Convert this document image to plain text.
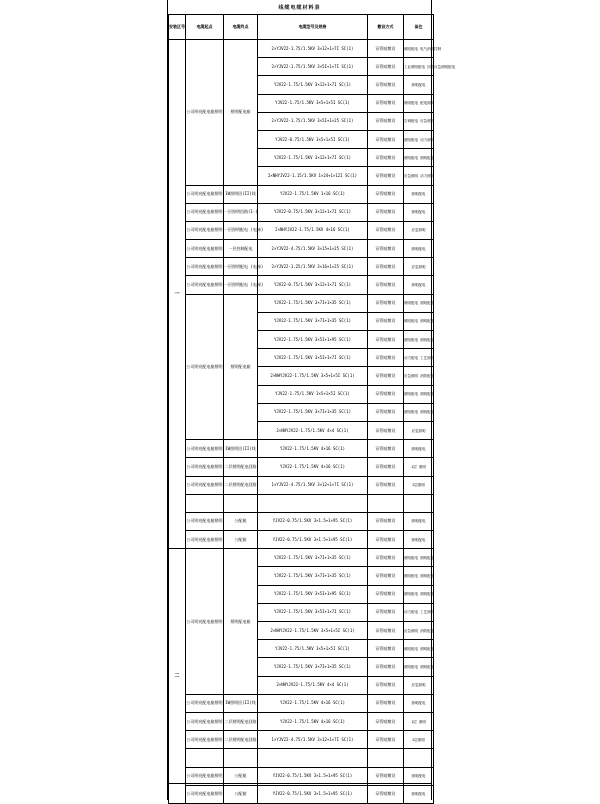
线缆电缆材料表
安装区号	电缆起点	电缆终点	电缆型号及规格	敷设方式	备注
一	公司明亮配电箱照明	照明配电箱	2×YJV22-1.75/1.5KV 3×12+1×7I SC(1)	穿管暗敷设	照明配电 电气消防控制
			2×YJV22-1.75/1.5KV 3×5I+1×7I SC(1)	穿管暗敷设	工业照明配电 回路应急照明配电
			YJV22-1.75/1.5KV 3×12+1×7I SC(1)	穿管暗敷设	照明配电
			YJV22-1.75/1.5KV 3×5+1×5I SC(1)	穿管暗敷设	照明配电 配电照明
			2×YJV22-1.75/1.5KV 3×5I+1×25 SC(1)	穿管暗敷设	空调配电 应急照明
			YJV22-0.75/1.5KV 3×5+1×5I SC(1)	穿管暗敷设	照明配电 动力照明
			YJV22-1.75/1.5KV 3×12+1×7I SC(1)	穿管暗敷设	照明配电 照明配电
			2×NHYJV22-1.15/1.5KV 1×24+1×12I SC(1)	穿管暗敷设	应急照明 动力照明
	公司明亮配电箱照明	1W照明回(II)线	YJV22-1.75/1.5KV 1×16 SC(1)	穿管暗敷设	照明配电
	公司明亮配电箱照明	一层照明回路(1-)	YJV22-0.75/1.5KV 3×12+1×7I SC(1)	穿管暗敷设	照明配电
	公司明亮配电箱照明	一层照明配电 (电梯)	2×NHYJV22-1.75/1.5KV 4×16 SC(1)	穿管暗敷设	应急照明
	公司明亮配电箱照明	一层控制配电	2×YJV22-4.75/1.5KV 3×15+1×25 SC(1)	穿管暗敷设	照明配电
	公司明亮配电箱照明	一层照明配电 (电梯)	2×YJV22-1.25/1.5KV 3×16+1×25 SC(1)	穿管暗敷设	应急照明
	公司明亮配电箱照明	一层照明配电 (电梯)	YJV22-0.75/1.5KV 3×12+1×7I SC(1)	穿管暗敷设	照明配电
	公司明亮配电箱照明	照明配电箱	YJV22-1.75/1.5KV 3×7I+1×35 SC(1)	穿管暗敷设	照明配电 照明配电
			YJV22-1.75/1.5KV 3×7I+1×35 SC(1)	穿管暗敷设	照明配电 照明配电
			YJV22-1.75/1.5KV 3×5I+1×95 SC(1)	穿管暗敷设	照明配电 照明配电
			YJV22-1.75/1.5KV 3×5I+1×7I SC(1)	穿管暗敷设	动力配电 工艺照明
			2×NHYJV22-1.75/1.5KV 3×5+1×5I SC(1)	穿管暗敷设	应急照明 消防配电
			YJV22-1.75/1.5KV 3×5+1×5I SC(1)	穿管暗敷设	照明配电 照明配电
			YJV22-1.75/1.5KV 3×7I+1×35 SC(1)	穿管暗敷设	照明配电 照明配电
			2×NHYJV22-1.75/1.5KV 4×4 SC(1)	穿管暗敷设	应急照明
	公司明亮配电箱照明	1W照明回(II)线	YJV22-1.75/1.5KV 4×16 SC(1)	穿管暗敷设	照明配电
	公司明亮配电箱照明	二层照明配电回路	YJV22-1.75/1.5KV 4×16 SC(1)	穿管暗敷设	1层 照明
	公司明亮配电箱照明	二层照明配电回路	1×YJV22-4.75/1.5KV 3×12+1×7I SC(1)	穿管暗敷设	2层照明

	公司明亮配电箱照明	公配箱	YJV22-0.75/1.5KV 3×1.5+1×95 SC(1)	穿管暗敷设	照明配电
	公司明亮配电箱照明	公配箱	YJV22-0.75/1.5KV 3×1.5+1×95 SC(1)	穿管暗敷设	照明配电
二	公司明亮配电箱照明	照明配电箱	YJV22-1.75/1.5KV 3×7I+1×35 SC(1)	穿管暗敷设	照明配电 照明配电
			YJV22-1.75/1.5KV 3×7I+1×35 SC(1)	穿管暗敷设	照明配电 照明配电
			YJV22-1.75/1.5KV 3×5I+1×95 SC(1)	穿管暗敷设	照明配电 照明配电
			YJV22-1.75/1.5KV 3×5I+1×7I SC(1)	穿管暗敷设	动力配电 工艺照明
			2×NHYJV22-1.75/1.5KV 3×5+1×5I SC(1)	穿管暗敷设	应急照明 消防配电
			YJV22-1.75/1.5KV 3×5+1×5I SC(1)	穿管暗敷设	照明配电 照明配电
			YJV22-1.75/1.5KV 3×7I+1×35 SC(1)	穿管暗敷设	照明配电 照明配电
			2×NHYJV22-1.75/1.5KV 4×4 SC(1)	穿管暗敷设	应急照明
	公司明亮配电箱照明	1W照明回(II)线	YJV22-1.75/1.5KV 4×16 SC(1)	穿管暗敷设	照明配电
	公司明亮配电箱照明	二层照明配电回路	YJV22-1.75/1.5KV 4×16 SC(1)	穿管暗敷设	1层 照明
	公司明亮配电箱照明	二层照明配电回路	1×YJV22-4.75/1.5KV 3×12+1×7I SC(1)	穿管暗敷设	2层照明

	公司明亮配电箱照明	公配箱	YJV22-0.75/1.5KV 3×1.5+1×95 SC(1)	穿管暗敷设	照明配电
	公司明亮配电箱照明	公配箱	YJV22-0.75/1.5KV 3×1.5+1×95 SC(1)	穿管暗敷设	照明配电
